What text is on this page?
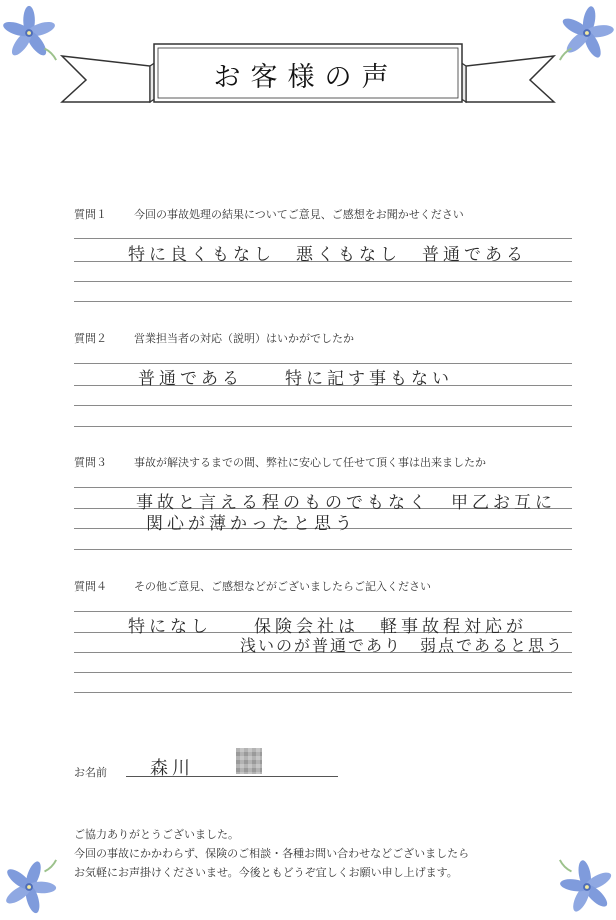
お客様の声
質問１ 今回の事故処理の結果についてご意見、ご感想をお聞かせください
特に良くもなし　悪くもなし　普通である
質問２ 営業担当者の対応（説明）はいかがでしたか
普通である　　特に記す事もない
質問３ 事故が解決するまでの間、弊社に安心して任せて頂く事は出来ましたか
事故と言える程のものでもなく　甲乙お互に
関心が薄かったと思う
質問４ その他ご意見、ご感想などがございましたらご記入ください
特になし　　保険会社は　軽事故程対応が
浅いのが普通であり　弱点であると思う
お名前 森川
ご協力ありがとうございました。
今回の事故にかかわらず、保険のご相談・各種お問い合わせなどございましたら
お気軽にお声掛けくださいませ。今後ともどうぞ宜しくお願い申し上げます。
